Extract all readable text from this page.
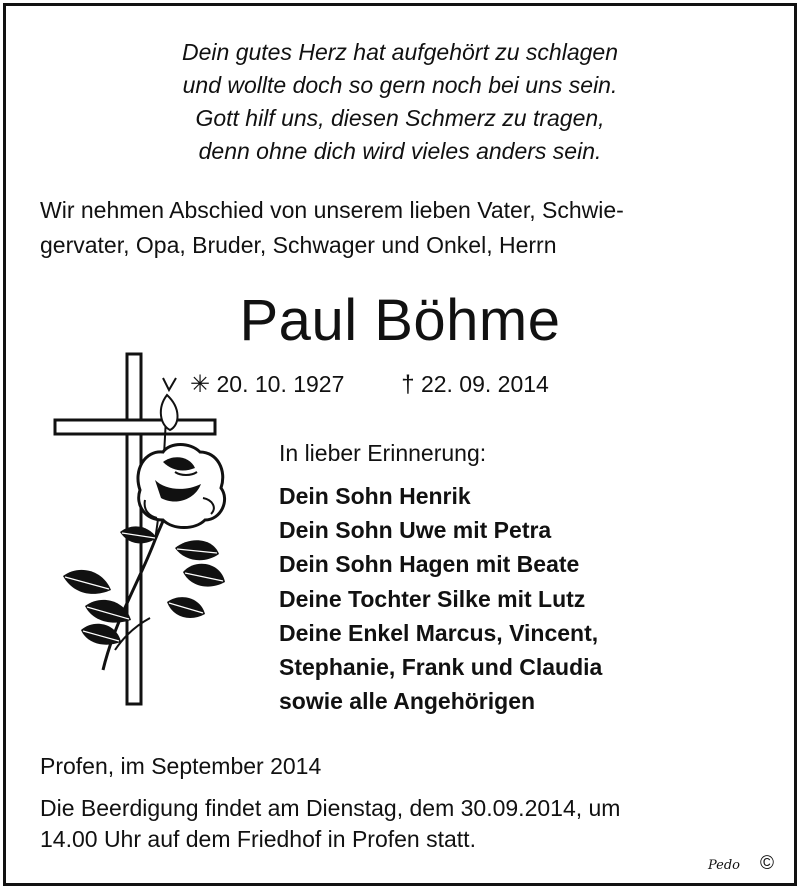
Dein gutes Herz hat aufgehört zu schlagen
und wollte doch so gern noch bei uns sein.
Gott hilf uns, diesen Schmerz zu tragen,
denn ohne dich wird vieles anders sein.
Wir nehmen Abschied von unserem lieben Vater, Schwie-
gervater, Opa, Bruder, Schwager und Onkel, Herrn
Paul Böhme
✳ 20. 10. 1927 † 22. 09. 2014
In lieber Erinnerung:
Dein Sohn Henrik
Dein Sohn Uwe mit Petra
Dein Sohn Hagen mit Beate
Deine Tochter Silke mit Lutz
Deine Enkel Marcus, Vincent,
Stephanie, Frank und Claudia
sowie alle Angehörigen
Profen, im September 2014
Die Beerdigung findet am Dienstag, dem 30.09.2014, um
14.00 Uhr auf dem Friedhof in Profen statt.
Pedo ©
